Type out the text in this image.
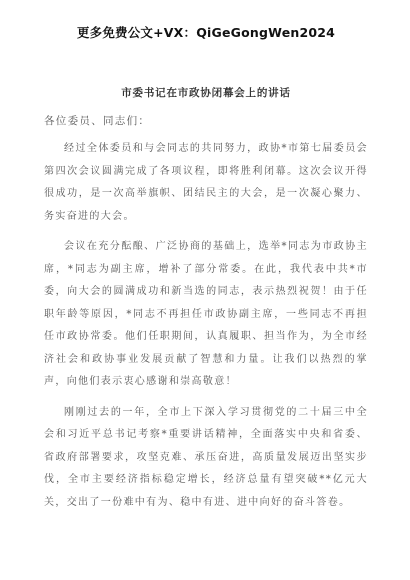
更多免费公文+VX：QiGeGongWen2024
市委书记在市政协闭幕会上的讲话
各位委员、同志们：

经过全体委员和与会同志的共同努力，政协*市第七届委员会第四次会议圆满完成了各项议程，即将胜利闭幕。这次会议开得很成功，是一次高举旗帜、团结民主的大会，是一次凝心聚力、务实奋进的大会。

会议在充分酝酿、广泛协商的基础上，选举*同志为市政协主席，*同志为副主席，增补了部分常委。在此，我代表中共*市委，向大会的圆满成功和新当选的同志，表示热烈祝贺！由于任职年龄等原因，*同志不再担任市政协副主席，一些同志不再担任市政协常委。他们任职期间，认真履职、担当作为，为全市经济社会和政协事业发展贡献了智慧和力量。让我们以热烈的掌声，向他们表示衷心感谢和崇高敬意！

刚刚过去的一年，全市上下深入学习贯彻党的二十届三中全会和习近平总书记考察*重要讲话精神，全面落实中央和省委、省政府部署要求，攻坚克难、承压奋进，高质量发展迈出坚实步伐，全市主要经济指标稳定增长，经济总量有望突破**亿元大关，交出了一份难中有为、稳中有进、进中向好的奋斗答卷。
